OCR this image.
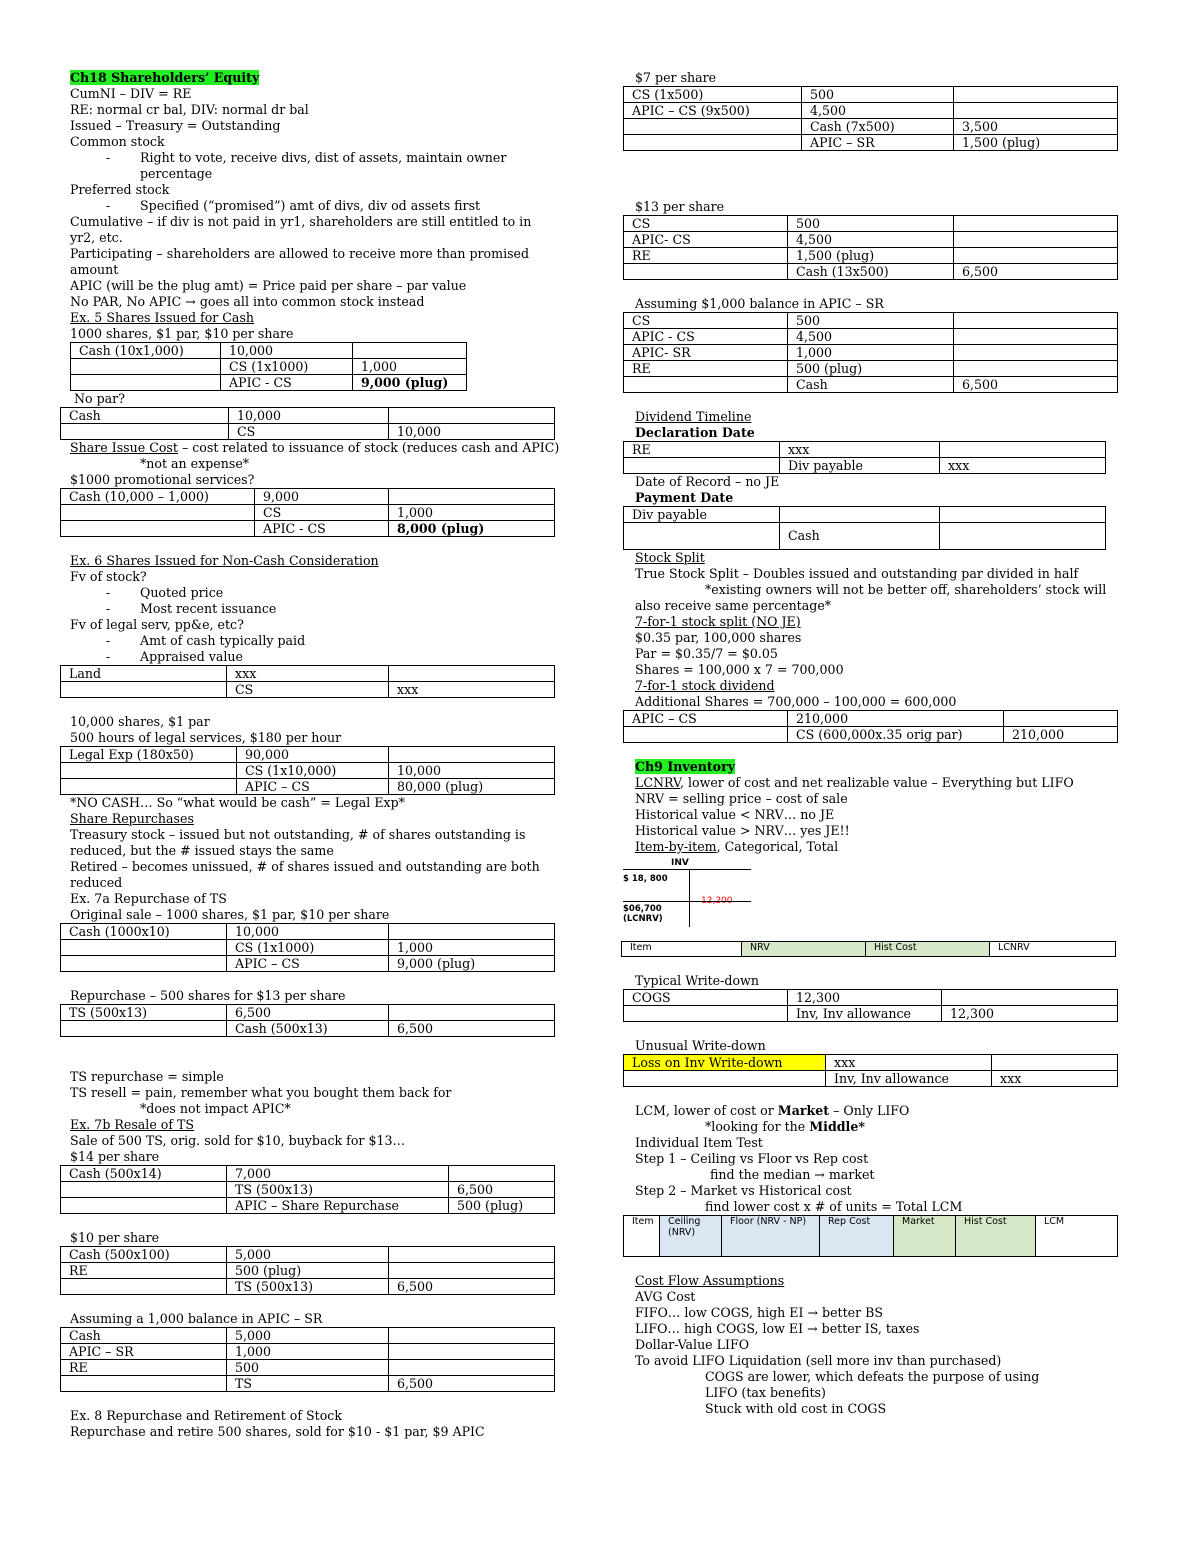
Ch18 Shareholders’ Equity
CumNI – DIV = RE
RE: normal cr bal, DIV: normal dr bal
Issued – Treasury = Outstanding
Common stock
- Right to vote, receive divs, dist of assets, maintain owner percentage
Preferred stock
- Specified (“promised”) amt of divs, div od assets first
Cumulative – if div is not paid in yr1, shareholders are still entitled to in yr2, etc.
Participating – shareholders are allowed to receive more than promised amount
APIC (will be the plug amt) = Price paid per share – par value
No PAR, No APIC → goes all into common stock instead
Ex. 5 Shares Issued for Cash
1000 shares, $1 par, $10 per share
Cash (10x1,000)	10,000	
	CS (1x1000)	1,000
	APIC - CS	9,000 (plug)
No par?
Cash	10,000	
	CS	10,000
Share Issue Cost – cost related to issuance of stock (reduces cash and APIC)
*not an expense*
$1000 promotional services?
Cash (10,000 – 1,000)	9,000	
	CS	1,000
	APIC - CS	8,000 (plug)
Ex. 6 Shares Issued for Non-Cash Consideration
Fv of stock?
- Quoted price
- Most recent issuance
Fv of legal serv, pp&e, etc?
- Amt of cash typically paid
- Appraised value
Land	xxx	
	CS	xxx
10,000 shares, $1 par
500 hours of legal services, $180 per hour
Legal Exp (180x50)	90,000	
	CS (1x10,000)	10,000
	APIC – CS	80,000 (plug)
*NO CASH… So “what would be cash” = Legal Exp*
Share Repurchases
Treasury stock – issued but not outstanding, # of shares outstanding is reduced, but the # issued stays the same
Retired – becomes unissued, # of shares issued and outstanding are both reduced
Ex. 7a Repurchase of TS
Original sale – 1000 shares, $1 par, $10 per share
Cash (1000x10)	10,000	
	CS (1x1000)	1,000
	APIC – CS	9,000 (plug)
Repurchase – 500 shares for $13 per share
TS (500x13)	6,500	
	Cash (500x13)	6,500
TS repurchase = simple
TS resell = pain, remember what you bought them back for
*does not impact APIC*
Ex. 7b Resale of TS
Sale of 500 TS, orig. sold for $10, buyback for $13…
$14 per share
Cash (500x14)	7,000	
	TS (500x13)	6,500
	APIC – Share Repurchase	500 (plug)
$10 per share
Cash (500x100)	5,000	
RE	500 (plug)	
	TS (500x13)	6,500
Assuming a 1,000 balance in APIC – SR
Cash	5,000	
APIC – SR	1,000	
RE	500	
	TS	6,500
Ex. 8 Repurchase and Retirement of Stock
Repurchase and retire 500 shares, sold for $10 - $1 par, $9 APIC
$7 per share
CS (1x500)	500	
APIC – CS (9x500)	4,500	
	Cash (7x500)	3,500
	APIC – SR	1,500 (plug)
$13 per share
CS	500	
APIC- CS	4,500	
RE	1,500 (plug)	
	Cash (13x500)	6,500
Assuming $1,000 balance in APIC – SR
CS	500	
APIC - CS	4,500	
APIC- SR	1,000	
RE	500 (plug)	
	Cash	6,500
Dividend Timeline
Declaration Date
RE	xxx	
	Div payable	xxx
Date of Record – no JE
Payment Date
Div payable		
	Cash	
Stock Split
True Stock Split – Doubles issued and outstanding par divided in half
*existing owners will not be better off, shareholders’ stock will also receive same percentage*
7-for-1 stock split (NO JE)
$0.35 par, 100,000 shares
Par = $0.35/7 = $0.05
Shares = 100,000 x 7 = 700,000
7-for-1 stock dividend
Additional Shares = 700,000 – 100,000 = 600,000
APIC – CS	210,000	
	CS (600,000x.35 orig par)	210,000
Ch9 Inventory
LCNRV, lower of cost and net realizable value – Everything but LIFO
NRV = selling price – cost of sale
Historical value < NRV… no JE
Historical value > NRV… yes JE!!
Item-by-item, Categorical, Total
INV
$ 18, 800
12,200
$06,700
(LCNRV)
Item	NRV	Hist Cost	LCNRV
Typical Write-down
COGS	12,300	
	Inv, Inv allowance	12,300
Unusual Write-down
Loss on Inv Write-down	xxx	
	Inv, Inv allowance	xxx
LCM, lower of cost or Market – Only LIFO
*looking for the Middle*
Individual Item Test
Step 1 – Ceiling vs Floor vs Rep cost
find the median → market
Step 2 – Market vs Historical cost
find lower cost x # of units = Total LCM
Item	Ceiling (NRV)	Floor (NRV - NP)	Rep Cost	Market	Hist Cost	LCM
Cost Flow Assumptions
AVG Cost
FIFO… low COGS, high EI → better BS
LIFO… high COGS, low EI → better IS, taxes
Dollar-Value LIFO
To avoid LIFO Liquidation (sell more inv than purchased)
COGS are lower, which defeats the purpose of using
LIFO (tax benefits)
Stuck with old cost in COGS
